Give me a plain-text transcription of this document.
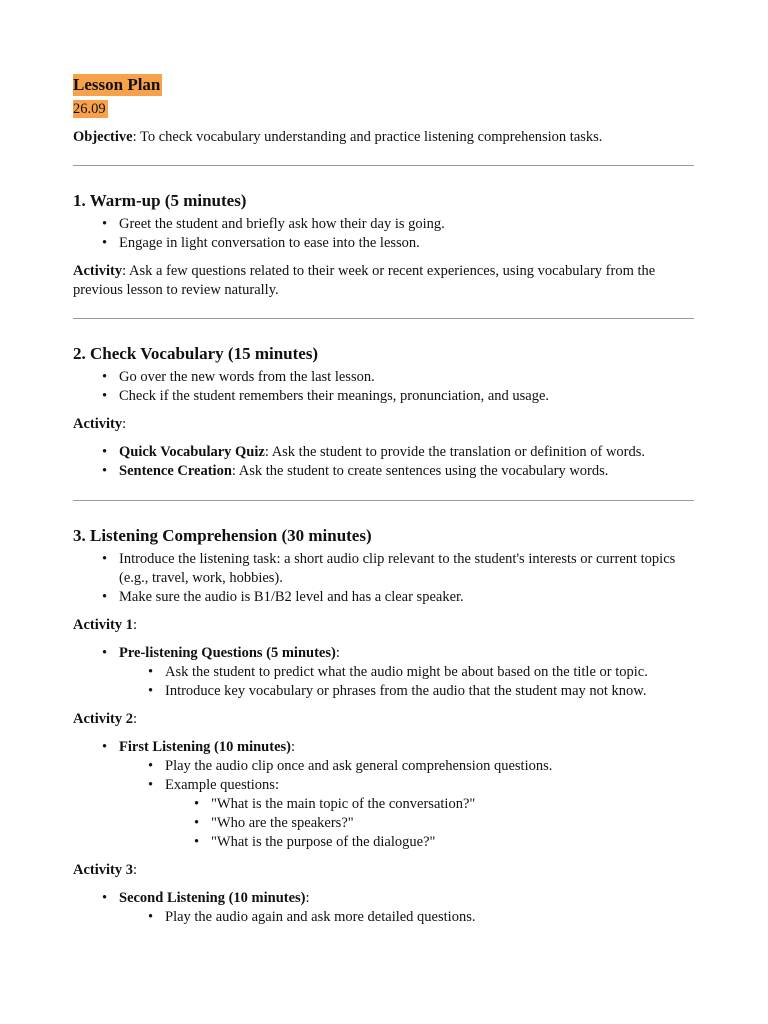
Lesson Plan
26.09

Objective: To check vocabulary understanding and practice listening comprehension tasks.

1. Warm-up (5 minutes)
• Greet the student and briefly ask how their day is going.
• Engage in light conversation to ease into the lesson.

Activity: Ask a few questions related to their week or recent experiences, using vocabulary from the previous lesson to review naturally.

2. Check Vocabulary (15 minutes)
• Go over the new words from the last lesson.
• Check if the student remembers their meanings, pronunciation, and usage.

Activity:

• Quick Vocabulary Quiz: Ask the student to provide the translation or definition of words.
• Sentence Creation: Ask the student to create sentences using the vocabulary words.
3. Listening Comprehension (30 minutes)
• Introduce the listening task: a short audio clip relevant to the student's interests or current topics (e.g., travel, work, hobbies).
• Make sure the audio is B1/B2 level and has a clear speaker.

Activity 1:

• Pre-listening Questions (5 minutes):
• Ask the student to predict what the audio might be about based on the title or topic.
• Introduce key vocabulary or phrases from the audio that the student may not know.

Activity 2:

• First Listening (10 minutes):
• Play the audio clip once and ask general comprehension questions.
• Example questions:
• "What is the main topic of the conversation?"
• "Who are the speakers?"
• "What is the purpose of the dialogue?"

Activity 3:

• Second Listening (10 minutes):
• Play the audio again and ask more detailed questions.
